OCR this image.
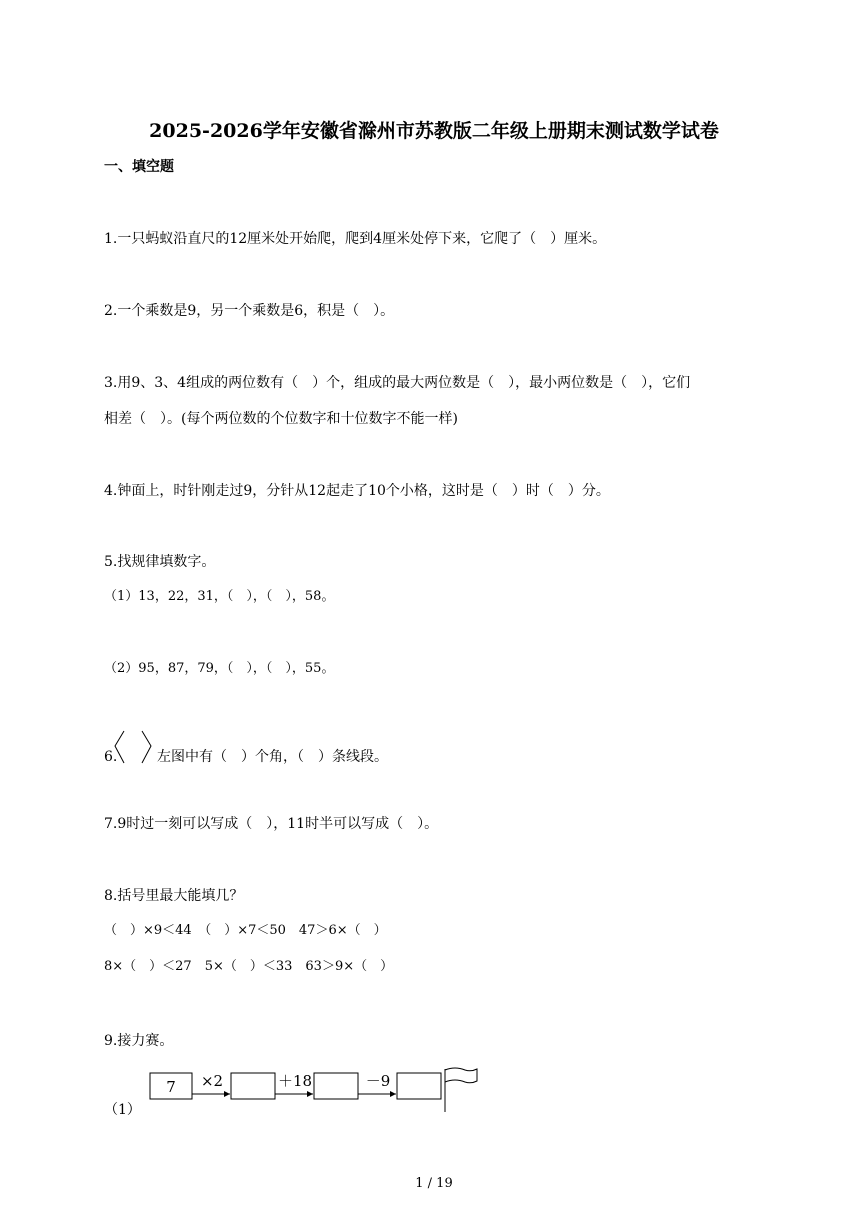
2025-2026学年安徽省滁州市苏教版二年级上册期末测试数学试卷
一、填空题
1.一只蚂蚁沿直尺的12厘米处开始爬，爬到4厘米处停下来，它爬了（　）厘米。
2.一个乘数是9，另一个乘数是6，积是（　）。
3.用9、3、4组成的两位数有（　）个，组成的最大两位数是（　），最小两位数是（　），它们
相差（　）。(每个两位数的个位数字和十位数字不能一样)
4.钟面上，时针刚走过9，分针从12起走了10个小格，这时是（　）时（　）分。
5.找规律填数字。
（1）13，22，31，（　），（　），58。
（2）95，87，79，（　），（　），55。
6.	左图中有（　）个角，（　）条线段。
7.9时过一刻可以写成（　），11时半可以写成（　）。
8.括号里最大能填几？
（　）×9＜44　（　）×7＜50　47＞6×（　）
8×（　）＜27　5×（　）＜33　63＞9×（　）
9.接力赛。
（1）
7 ×2	＋18	－9
1 / 19
